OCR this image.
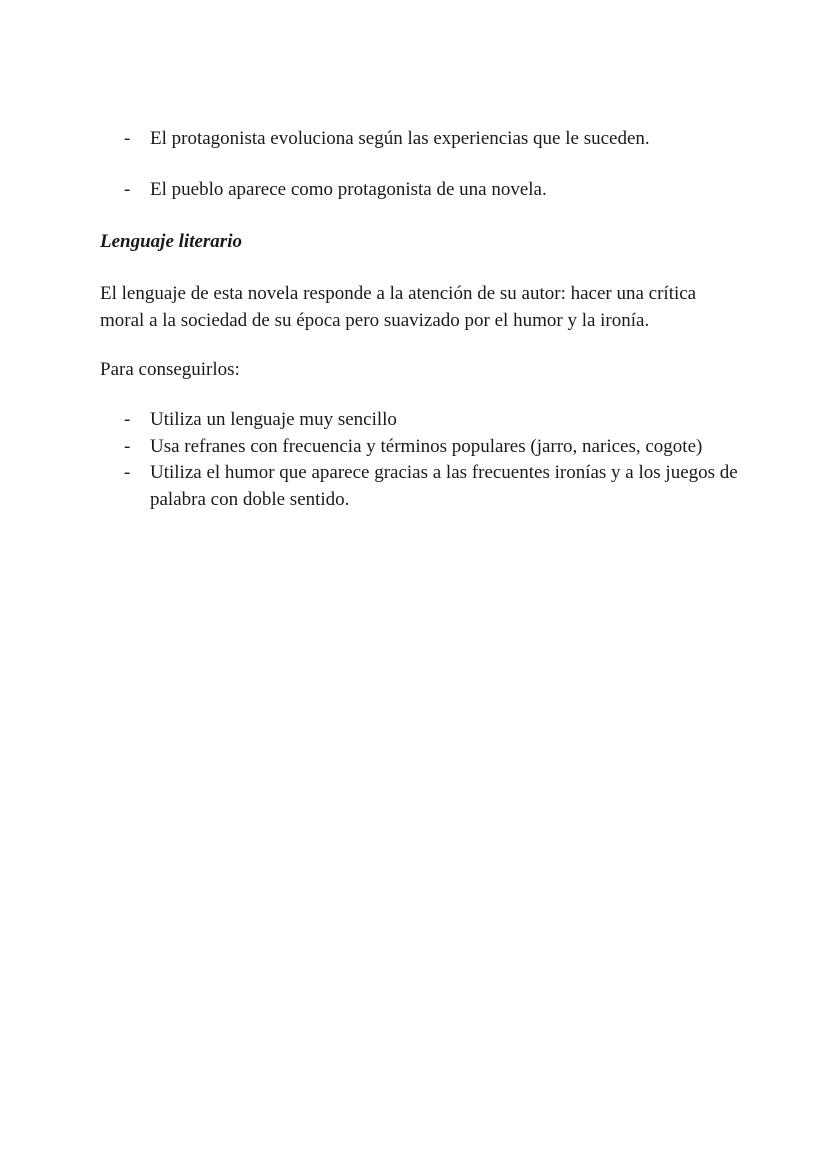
- El protagonista evoluciona según las experiencias que le suceden.
- El pueblo aparece como protagonista de una novela.
Lenguaje literario

El lenguaje de esta novela responde a la atención de su autor: hacer una crítica moral a la sociedad de su época pero suavizado por el humor y la ironía.

Para conseguirlos:

- Utiliza un lenguaje muy sencillo
- Usa refranes con frecuencia y términos populares (jarro, narices, cogote)
- Utiliza el humor que aparece gracias a las frecuentes ironías y a los juegos de palabra con doble sentido.
